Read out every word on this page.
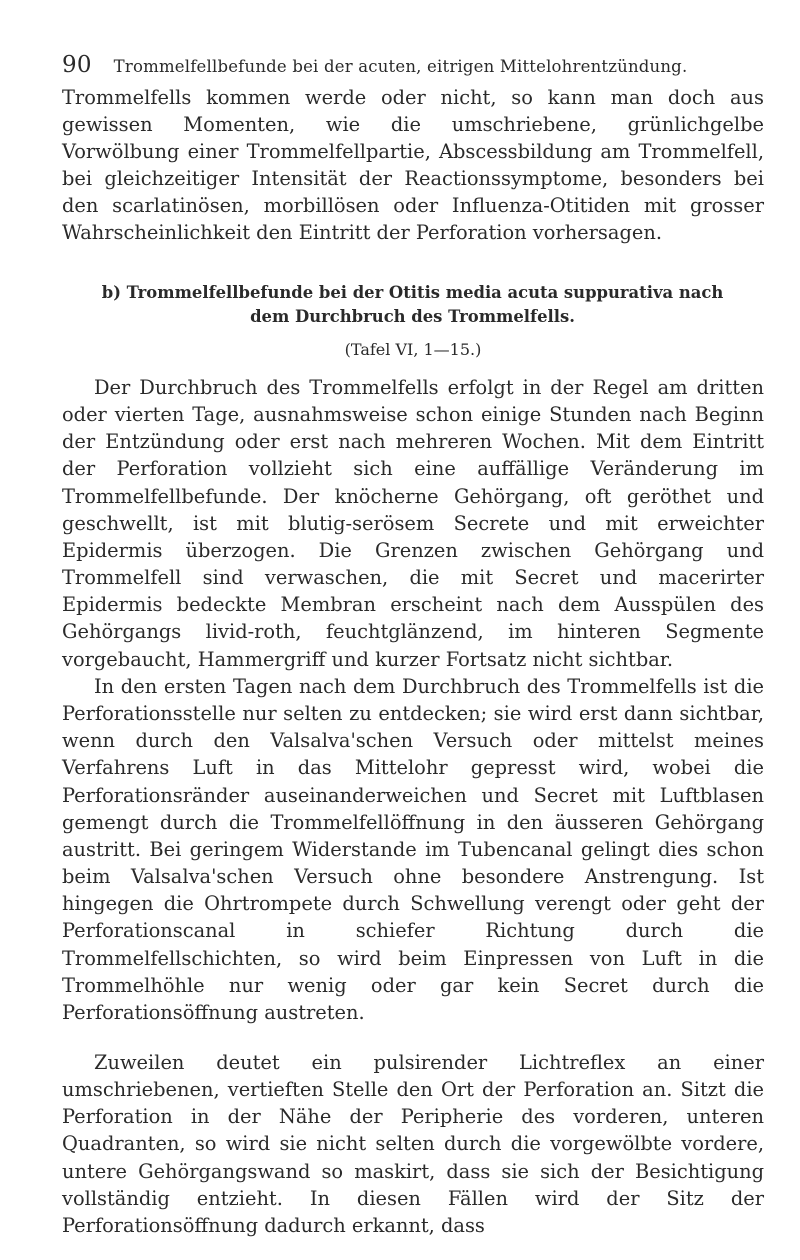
90 Trommelfellbefunde bei der acuten, eitrigen Mittelohrentzündung.

Trommelfells kommen werde oder nicht, so kann man doch aus gewissen Momenten, wie die umschriebene, grünlichgelbe Vorwölbung einer Trommelfellpartie, Abscessbildung am Trommelfell, bei gleichzeitiger Intensität der Reactionssymptome, besonders bei den scarlatinösen, morbillösen oder Influenza-Otitiden mit grosser Wahrscheinlichkeit den Eintritt der Perforation vorhersagen.

b) Trommelfellbefunde bei der Otitis media acuta suppurativa nach dem Durchbruch des Trommelfells.

(Tafel VI, 1—15.)

Der Durchbruch des Trommelfells erfolgt in der Regel am dritten oder vierten Tage, ausnahmsweise schon einige Stunden nach Beginn der Entzündung oder erst nach mehreren Wochen. Mit dem Eintritt der Perforation vollzieht sich eine auffällige Veränderung im Trommelfellbefunde. Der knöcherne Gehörgang, oft geröthet und geschwellt, ist mit blutig-serösem Secrete und mit erweichter Epidermis überzogen. Die Grenzen zwischen Gehörgang und Trommelfell sind verwaschen, die mit Secret und macerirter Epidermis bedeckte Membran erscheint nach dem Ausspülen des Gehörgangs livid-roth, feuchtglänzend, im hinteren Segmente vorgebaucht, Hammergriff und kurzer Fortsatz nicht sichtbar.

In den ersten Tagen nach dem Durchbruch des Trommelfells ist die Perforationsstelle nur selten zu entdecken; sie wird erst dann sichtbar, wenn durch den Valsalva'schen Versuch oder mittelst meines Verfahrens Luft in das Mittelohr gepresst wird, wobei die Perforationsränder auseinanderweichen und Secret mit Luftblasen gemengt durch die Trommelfellöffnung in den äusseren Gehörgang austritt. Bei geringem Widerstande im Tubencanal gelingt dies schon beim Valsalva'schen Versuch ohne besondere Anstrengung. Ist hingegen die Ohrtrompete durch Schwellung verengt oder geht der Perforationscanal in schiefer Richtung durch die Trommelfellschichten, so wird beim Einpressen von Luft in die Trommelhöhle nur wenig oder gar kein Secret durch die Perforationsöffnung austreten.

Zuweilen deutet ein pulsirender Lichtreflex an einer umschriebenen, vertieften Stelle den Ort der Perforation an. Sitzt die Perforation in der Nähe der Peripherie des vorderen, unteren Quadranten, so wird sie nicht selten durch die vorgewölbte vordere, untere Gehörgangswand so maskirt, dass sie sich der Besichtigung vollständig entzieht. In diesen Fällen wird der Sitz der Perforationsöffnung dadurch erkannt, dass
